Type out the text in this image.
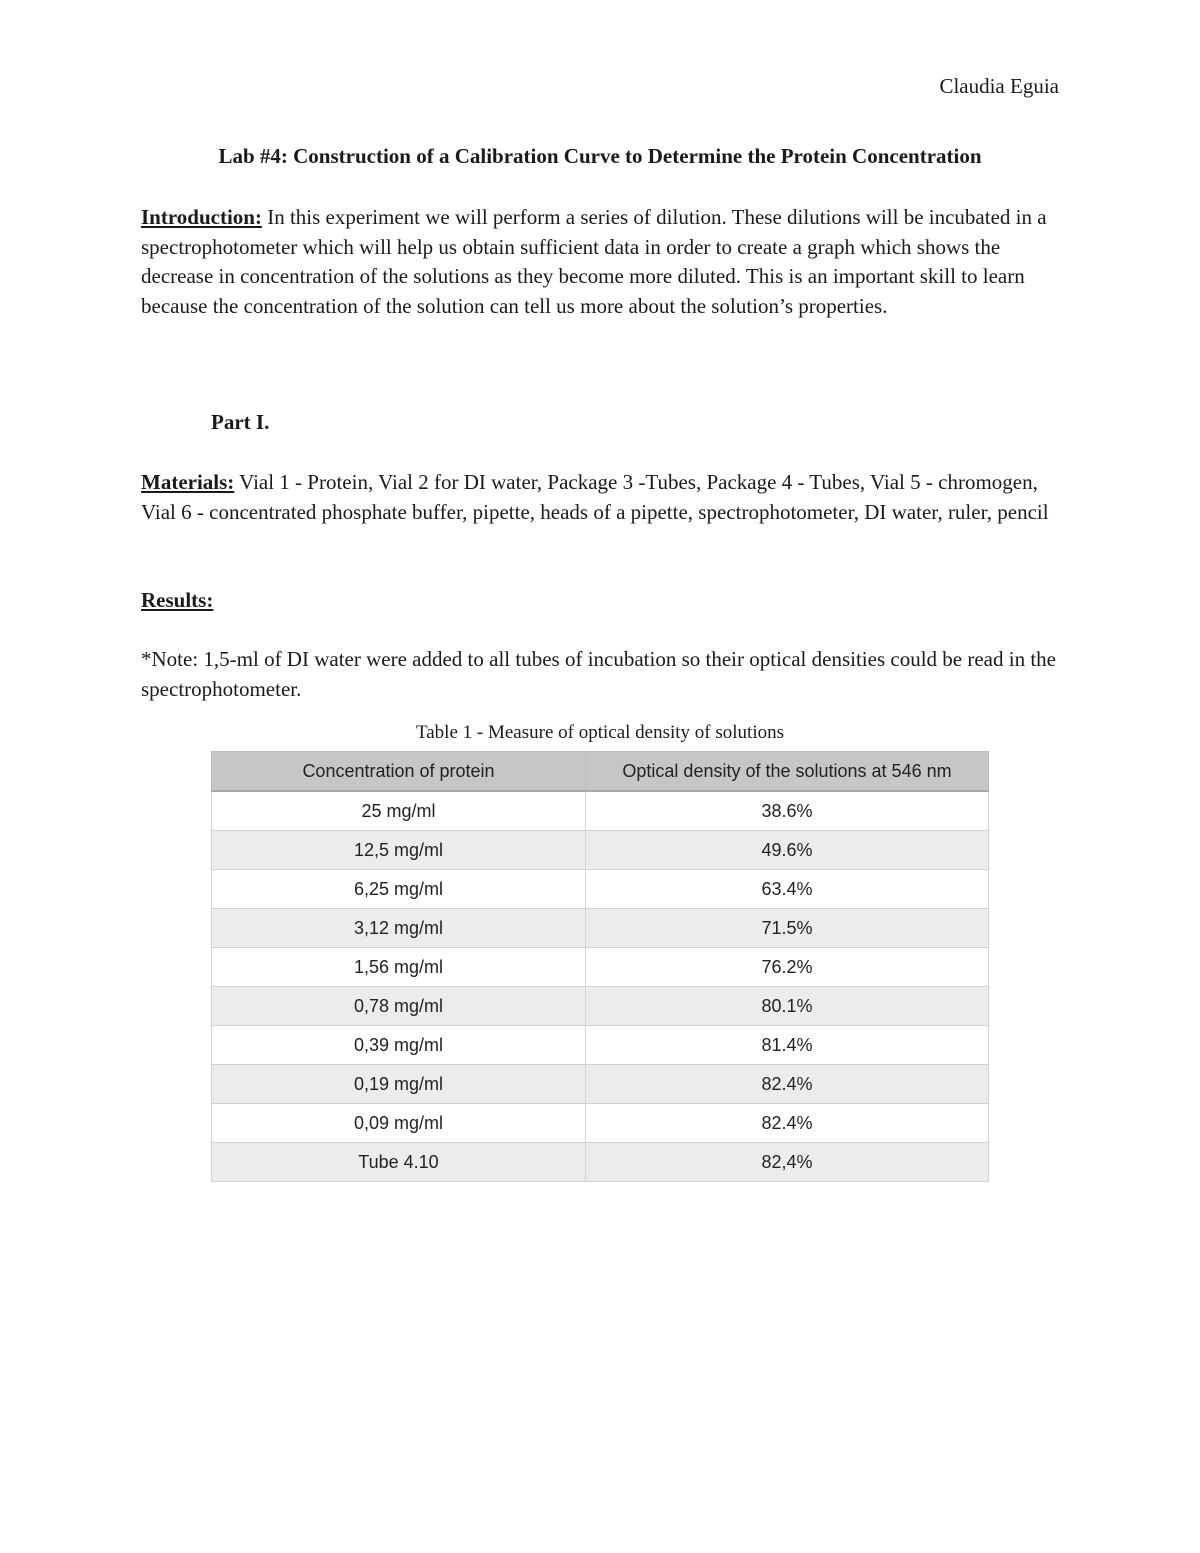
Claudia Eguia
Lab #4: Construction of a Calibration Curve to Determine the Protein Concentration
Introduction: In this experiment we will perform a series of dilution. These dilutions will be incubated in a spectrophotometer which will help us obtain sufficient data in order to create a graph which shows the decrease in concentration of the solutions as they become more diluted. This is an important skill to learn because the concentration of the solution can tell us more about the solution’s properties.
Part I.
Materials: Vial 1 - Protein, Vial 2 for DI water, Package 3 -Tubes, Package 4 - Tubes, Vial 5 - chromogen, Vial 6 - concentrated phosphate buffer, pipette, heads of a pipette, spectrophotometer, DI water, ruler, pencil
Results:
*Note: 1,5-ml of DI water were added to all tubes of incubation so their optical densities could be read in the spectrophotometer.
Table 1 - Measure of optical density of solutions
Concentration of protein	Optical density of the solutions at 546 nm
25 mg/ml	38.6%
12,5 mg/ml	49.6%
6,25 mg/ml	63.4%
3,12 mg/ml	71.5%
1,56 mg/ml	76.2%
0,78 mg/ml	80.1%
0,39 mg/ml	81.4%
0,19 mg/ml	82.4%
0,09 mg/ml	82.4%
Tube 4.10	82,4%
